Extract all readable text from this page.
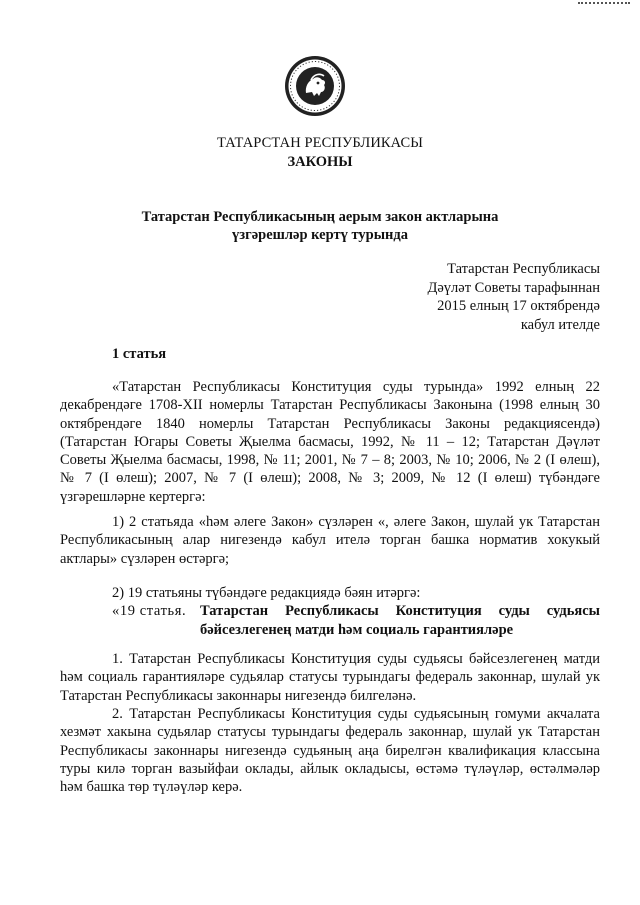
ТАТАРСТАН РЕСПУБЛИКАСЫ
ЗАКОНЫ
Татарстан Республикасының аерым закон актларына
үзгәрешләр кертү турында
Татарстан Республикасы
Дәүләт Советы тарафыннан
2015 елның 17 октябрендә
кабул ителде
1 статья

«Татарстан Республикасы Конституция суды турында» 1992 елның 22 декабрендәге 1708-XII номерлы Татарстан Республикасы Законына (1998 елның 30 октябрендәге 1840 номерлы Татарстан Республикасы Законы редакциясендә) (Татарстан Югары Советы Җыелма басмасы, 1992, № 11 – 12; Татарстан Дәүләт Советы Җыелма басмасы, 1998, № 11; 2001, № 7 – 8; 2003, № 10; 2006, № 2 (I өлеш), № 7 (I өлеш); 2007, № 7 (I өлеш); 2008, № 3; 2009, № 12 (I өлеш) түбәндәге үзгәрешләрне кертергә:

1) 2 статьяда «һәм әлеге Закон» сүзләрен «, әлеге Закон, шулай ук Татарстан Республикасының алар нигезендә кабул ителә торган башка норматив хокукый актлары» сүзләрен өстәргә;

2) 19 статьяны түбәндәге редакциядә бәян итәргә:

«19 статья. Татарстан Республикасы Конституция суды судьясы бәйсезлегенең матди һәм социаль гарантияләре

1. Татарстан Республикасы Конституция суды судьясы бәйсезлегенең матди һәм социаль гарантияләре судьялар статусы турындагы федераль законнар, шулай ук Татарстан Республикасы законнары нигезендә билгеләнә.

2. Татарстан Республикасы Конституция суды судьясының гомуми акчалата хезмәт хакына судьялар статусы турындагы федераль законнар, шулай ук Татарстан Республикасы законнары нигезендә судьяның аңа бирелгән квалификация классына туры килә торган вазыйфаи оклады, айлык окладысы, өстәмә түләүләр, өстәлмәләр һәм башка төр түләүләр керә.
